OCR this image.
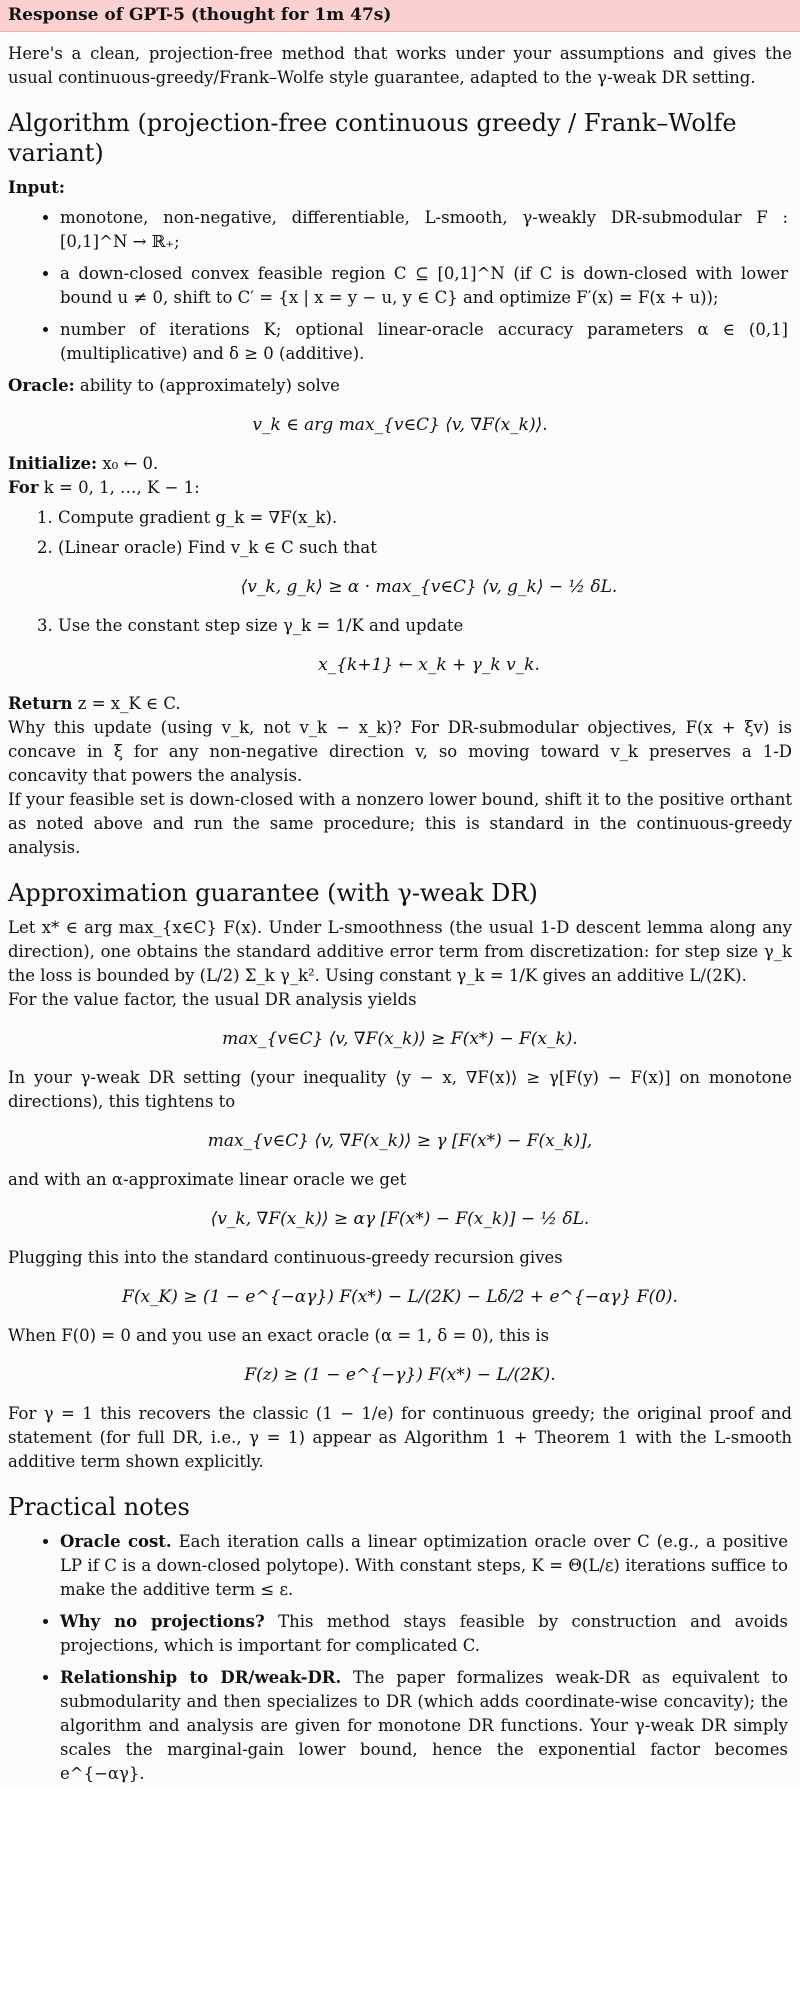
Response of GPT-5 (thought for 1m 47s)
Here's a clean, projection-free method that works under your assumptions and gives the usual continuous-greedy/Frank–Wolfe style guarantee, adapted to the γ-weak DR setting.
Algorithm (projection-free continuous greedy / Frank–Wolfe variant)
Input:
• monotone, non-negative, differentiable, L-smooth, γ-weakly DR-submodular F : [0,1]^N → ℝ₊;
• a down-closed convex feasible region C ⊆ [0,1]^N (if C is down-closed with lower bound u ≠ 0, shift to C′ = {x | x = y − u, y ∈ C} and optimize F′(x) = F(x + u));
• number of iterations K; optional linear-oracle accuracy parameters α ∈ (0,1] (multiplicative) and δ ≥ 0 (additive).
Oracle: ability to (approximately) solve
v_k ∈ arg max_{v∈C} ⟨v, ∇F(x_k)⟩.
Initialize: x₀ ← 0.
For k = 0, 1, …, K − 1:
1. Compute gradient g_k = ∇F(x_k).
2. (Linear oracle) Find v_k ∈ C such that
⟨v_k, g_k⟩ ≥ α · max_{v∈C} ⟨v, g_k⟩ − ½ δL.
3. Use the constant step size γ_k = 1/K and update
x_{k+1} ← x_k + γ_k v_k.
Return z = x_K ∈ C.
Why this update (using v_k, not v_k − x_k)? For DR-submodular objectives, F(x + ξv) is concave in ξ for any non-negative direction v, so moving toward v_k preserves a 1-D concavity that powers the analysis.
If your feasible set is down-closed with a nonzero lower bound, shift it to the positive orthant as noted above and run the same procedure; this is standard in the continuous-greedy analysis.
Approximation guarantee (with γ-weak DR)
Let x* ∈ arg max_{x∈C} F(x). Under L-smoothness (the usual 1-D descent lemma along any direction), one obtains the standard additive error term from discretization: for step size γ_k the loss is bounded by (L/2) Σ_k γ_k². Using constant γ_k = 1/K gives an additive L/(2K).
For the value factor, the usual DR analysis yields
max_{v∈C} ⟨v, ∇F(x_k)⟩ ≥ F(x*) − F(x_k).
In your γ-weak DR setting (your inequality ⟨y − x, ∇F(x)⟩ ≥ γ[F(y) − F(x)] on monotone directions), this tightens to
max_{v∈C} ⟨v, ∇F(x_k)⟩ ≥ γ [F(x*) − F(x_k)],
and with an α-approximate linear oracle we get
⟨v_k, ∇F(x_k)⟩ ≥ αγ [F(x*) − F(x_k)] − ½ δL.
Plugging this into the standard continuous-greedy recursion gives
F(x_K) ≥ (1 − e^{−αγ}) F(x*) − L/(2K) − Lδ/2 + e^{−αγ} F(0).
When F(0) = 0 and you use an exact oracle (α = 1, δ = 0), this is
F(z) ≥ (1 − e^{−γ}) F(x*) − L/(2K).
For γ = 1 this recovers the classic (1 − 1/e) for continuous greedy; the original proof and statement (for full DR, i.e., γ = 1) appear as Algorithm 1 + Theorem 1 with the L-smooth additive term shown explicitly.
Practical notes
• Oracle cost. Each iteration calls a linear optimization oracle over C (e.g., a positive LP if C is a down-closed polytope). With constant steps, K = Θ(L/ε) iterations suffice to make the additive term ≤ ε.
• Why no projections? This method stays feasible by construction and avoids projections, which is important for complicated C.
• Relationship to DR/weak-DR. The paper formalizes weak-DR as equivalent to submodularity and then specializes to DR (which adds coordinate-wise concavity); the algorithm and analysis are given for monotone DR functions. Your γ-weak DR simply scales the marginal-gain lower bound, hence the exponential factor becomes e^{−αγ}.
